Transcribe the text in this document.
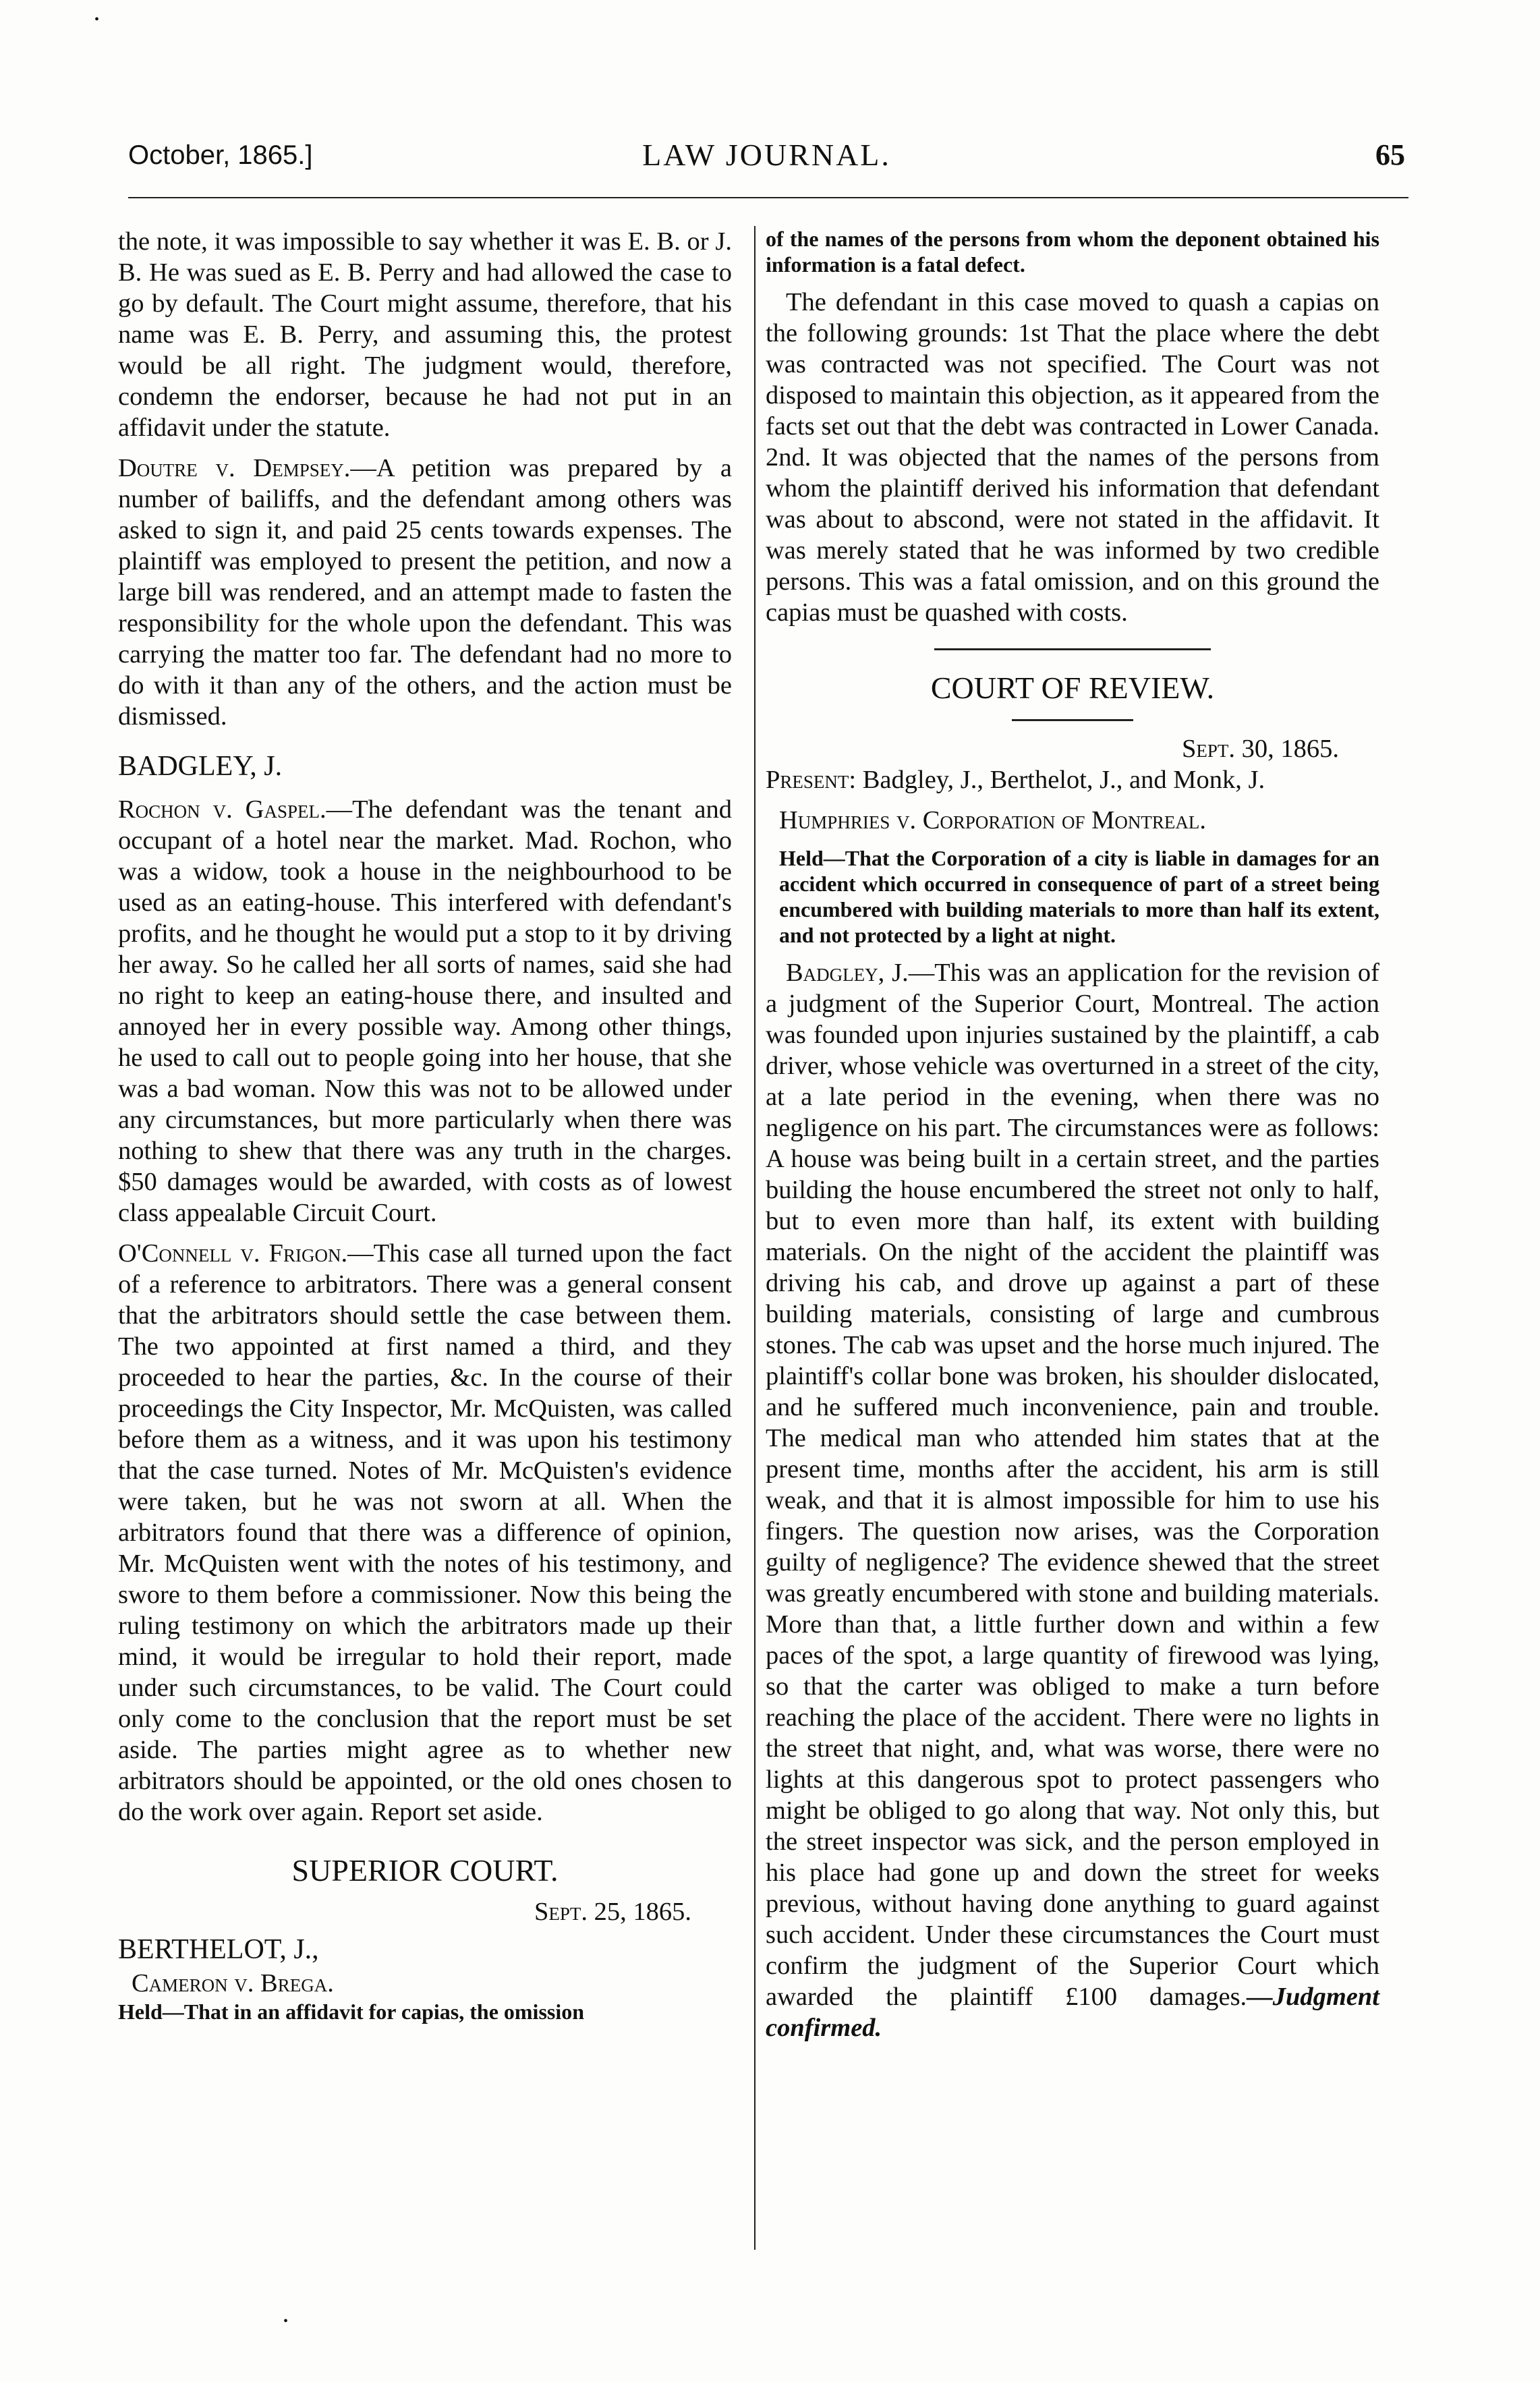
October, 1865.]	LAW JOURNAL.	65

the note, it was impossible to say whether it was E. B. or J. B. He was sued as E. B. Perry and had allowed the case to go by default. The Court might assume, therefore, that his name was E. B. Perry, and assuming this, the protest would be all right. The judgment would, therefore, condemn the endorser, because he had not put in an affidavit under the statute.

Doutre v. Dempsey.—A petition was prepared by a number of bailiffs, and the defendant among others was asked to sign it, and paid 25 cents towards expenses. The plaintiff was employed to present the petition, and now a large bill was rendered, and an attempt made to fasten the responsibility for the whole upon the defendant. This was carrying the matter too far. The defendant had no more to do with it than any of the others, and the action must be dismissed.

BADGLEY, J.

Rochon v. Gaspel.—The defendant was the tenant and occupant of a hotel near the market. Mad. Rochon, who was a widow, took a house in the neighbourhood to be used as an eating-house. This interfered with defendant's profits, and he thought he would put a stop to it by driving her away. So he called her all sorts of names, said she had no right to keep an eating-house there, and insulted and annoyed her in every possible way. Among other things, he used to call out to people going into her house, that she was a bad woman. Now this was not to be allowed under any circumstances, but more particularly when there was nothing to shew that there was any truth in the charges. $50 damages would be awarded, with costs as of lowest class appealable Circuit Court.

O'Connell v. Frigon.—This case all turned upon the fact of a reference to arbitrators. There was a general consent that the arbitrators should settle the case between them. The two appointed at first named a third, and they proceeded to hear the parties, &c. In the course of their proceedings the City Inspector, Mr. McQuisten, was called before them as a witness, and it was upon his testimony that the case turned. Notes of Mr. McQuisten's evidence were taken, but he was not sworn at all. When the arbitrators found that there was a difference of opinion, Mr. McQuisten went with the notes of his testimony, and swore to them before a commissioner. Now this being the ruling testimony on which the arbitrators made up their mind, it would be irregular to hold their report, made under such circumstances, to be valid. The Court could only come to the conclusion that the report must be set aside. The parties might agree as to whether new arbitrators should be appointed, or the old ones chosen to do the work over again. Report set aside.

SUPERIOR COURT.
Sept. 25, 1865.
BERTHELOT, J.,
Cameron v. Brega.

Held—That in an affidavit for capias, the omission

of the names of the persons from whom the deponent obtained his information is a fatal defect.

The defendant in this case moved to quash a capias on the following grounds: 1st That the place where the debt was contracted was not specified. The Court was not disposed to maintain this objection, as it appeared from the facts set out that the debt was contracted in Lower Canada. 2nd. It was objected that the names of the persons from whom the plaintiff derived his information that defendant was about to abscond, were not stated in the affidavit. It was merely stated that he was informed by two credible persons. This was a fatal omission, and on this ground the capias must be quashed with costs.

COURT OF REVIEW.
Sept. 30, 1865.

Present: Badgley, J., Berthelot, J., and Monk, J.

Humphries v. Corporation of Montreal.

Held—That the Corporation of a city is liable in damages for an accident which occurred in consequence of part of a street being encumbered with building materials to more than half its extent, and not protected by a light at night.

Badgley, J.—This was an application for the revision of a judgment of the Superior Court, Montreal. The action was founded upon injuries sustained by the plaintiff, a cab driver, whose vehicle was overturned in a street of the city, at a late period in the evening, when there was no negligence on his part. The circumstances were as follows: A house was being built in a certain street, and the parties building the house encumbered the street not only to half, but to even more than half, its extent with building materials. On the night of the accident the plaintiff was driving his cab, and drove up against a part of these building materials, consisting of large and cumbrous stones. The cab was upset and the horse much injured. The plaintiff's collar bone was broken, his shoulder dislocated, and he suffered much inconvenience, pain and trouble. The medical man who attended him states that at the present time, months after the accident, his arm is still weak, and that it is almost impossible for him to use his fingers. The question now arises, was the Corporation guilty of negligence? The evidence shewed that the street was greatly encumbered with stone and building materials. More than that, a little further down and within a few paces of the spot, a large quantity of firewood was lying, so that the carter was obliged to make a turn before reaching the place of the accident. There were no lights in the street that night, and, what was worse, there were no lights at this dangerous spot to protect passengers who might be obliged to go along that way. Not only this, but the street inspector was sick, and the person employed in his place had gone up and down the street for weeks previous, without having done anything to guard against such accident. Under these circumstances the Court must confirm the judgment of the Superior Court which awarded the plaintiff £100 damages.—Judgment confirmed.

•
•
